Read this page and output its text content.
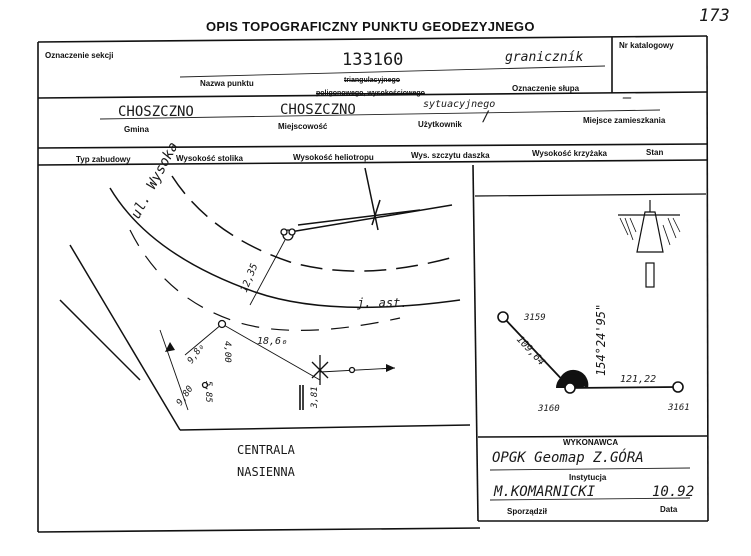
OPIS TOPOGRAFICZNY PUNKTU GEODEZYJNEGO
173
Oznaczenie sekcji
Nr katalogowy
133160	graniczník
Nazwa punktu	triangulacyjnego
poligonowego, wysokościowego
Oznaczenie słupa
sytuacyjnego
CHOSZCZNO	CHOSZCZNO	/
–
Gmina	Miejscowość	Użytkownik	Miejsce zamieszkania
Typ zabudowy	Wysokość stolika	Wysokość heliotropu	Wys. szczytu daszka	Wysokość krzyżaka	Stan
ul. Wysoka
j. ast.
12,35
18,6₀
9,8₀
9,80 5,85
4,00
3,81
CENTRALA
NASIENNA
3159
3160	3161
109,64	154°24'95"
121,22
WYKONAWCA
OPGK Geomap Z.GÓRA
Instytucja
M.KOMARNICKI	10.92
Sporządził	Data
